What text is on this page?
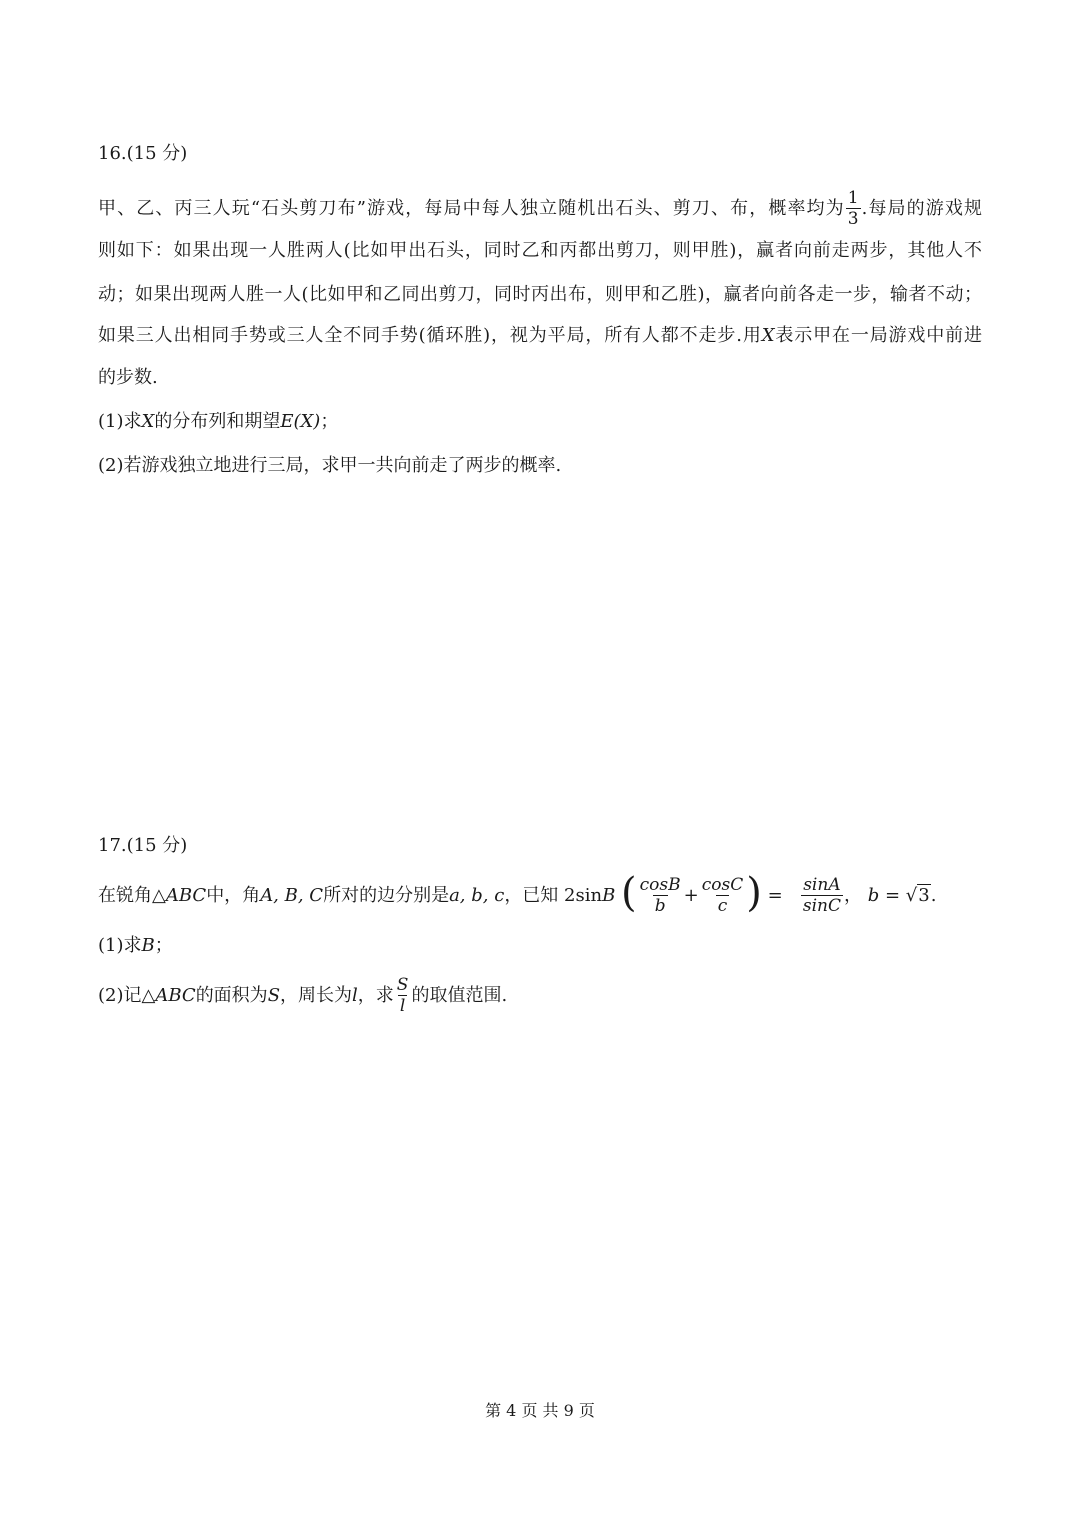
16.(15 分)
甲、乙、丙三人玩“石头剪刀布”游戏，每局中每人独立随机出石头、剪刀、布，概率均为 $\frac{1}{3}$ .每局的游戏规
则如下：如果出现一人胜两人(比如甲出石头，同时乙和丙都出剪刀，则甲胜)，赢者向前走两步，其他人不
动；如果出现两人胜一人(比如甲和乙同出剪刀，同时丙出布，则甲和乙胜)，赢者向前各走一步，输者不动；
如果三人出相同手势或三人全不同手势(循环胜)，视为平局，所有人都不走步.用X表示甲在一局游戏中前进
的步数.
(1)求X的分布列和期望E(X)；
(2)若游戏独立地进行三局，求甲一共向前走了两步的概率.
17.(15 分)
在锐角△ABC中，角A, B, C所对的边分别是a, b, c，已知 2sinB ( $\frac{\cos B}{b} + \frac{\cos C}{c}$ ) = $\frac{\sin A}{\sin C}$ ， b = √3.
(1)求B；
(2)记△ABC的面积为S，周长为l，求 $\frac{S}{l}$ 的取值范围.
第 4 页 共 9 页
